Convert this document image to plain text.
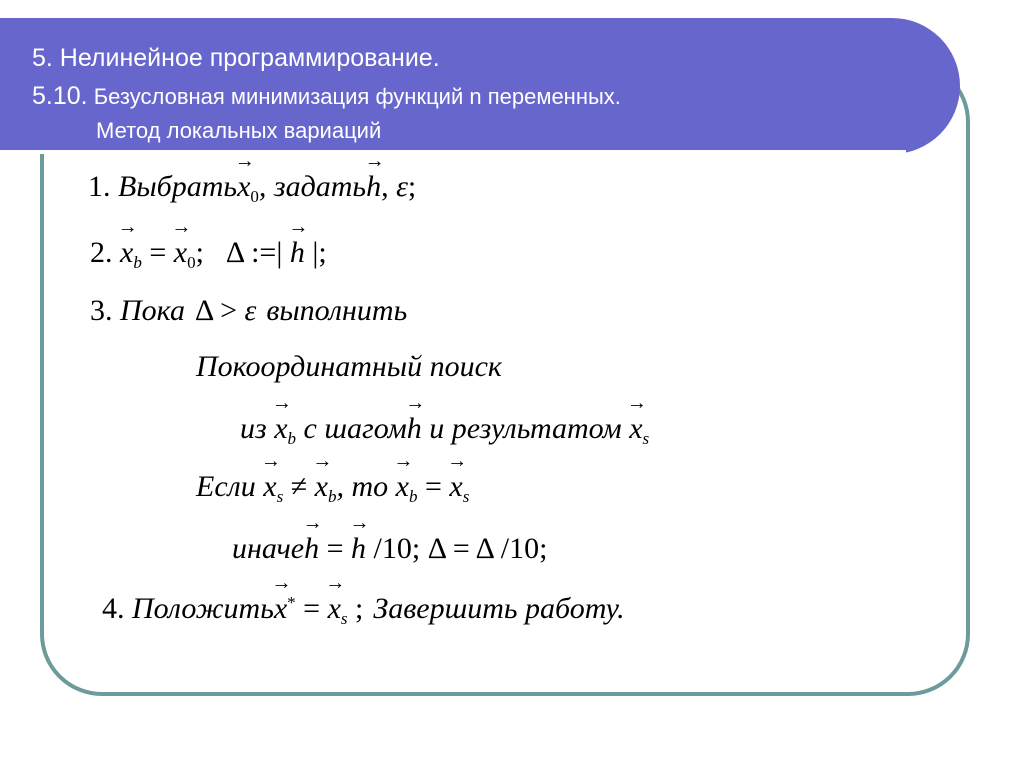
5. Нелинейное программирование.
5.10. Безусловная минимизация функций n переменных.
Метод локальных вариаций
1. Выбрать→ $x_0$, задать→ h, ε;
2. → $x_b$ = → $x_0$; Δ :=| → h |;
3. Пока Δ > ε выполнить
Покоординатный поиск
из → $x_b$ с шагом→ h и результатом → $x_s$
Если → $x_s$ ≠ → $x_b$, то → $x_b$ = → $x_s$
иначе→ h = → h /10; Δ = Δ /10;
4. Положить→ x* = → $x_s$ ; Завершить работу.
